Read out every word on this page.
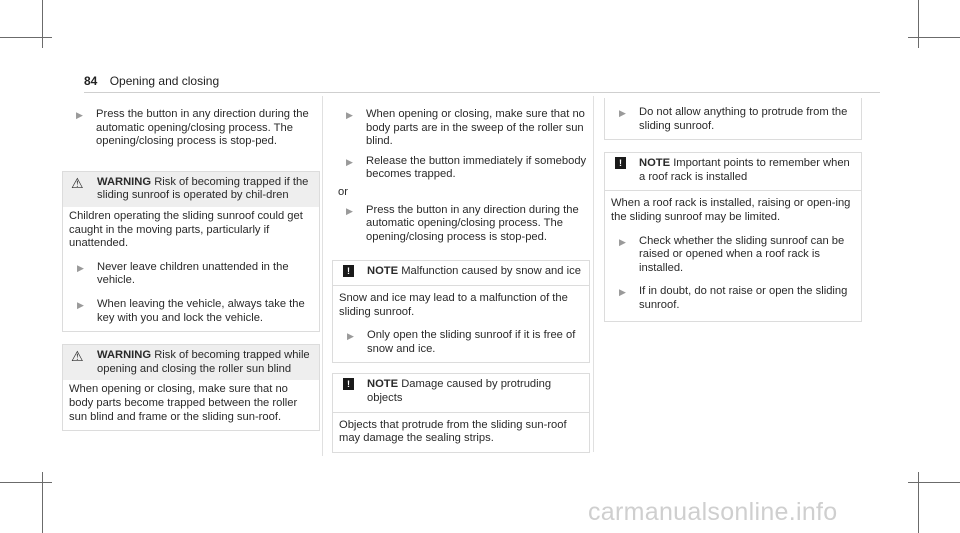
84 Opening and closing
▶ Press the button in any direction during the automatic opening/closing process. The opening/closing process is stop-ped.
⚠ WARNING Risk of becoming trapped if the sliding sunroof is operated by chil-dren
Children operating the sliding sunroof could get caught in the moving parts, particularly if unattended.
▶ Never leave children unattended in the vehicle.
▶ When leaving the vehicle, always take the key with you and lock the vehicle.
⚠ WARNING Risk of becoming trapped while opening and closing the roller sun blind
When opening or closing, make sure that no body parts become trapped between the roller sun blind and frame or the sliding sun-roof.
▶ When opening or closing, make sure that no body parts are in the sweep of the roller sun blind.
▶ Release the button immediately if somebody becomes trapped.
or
▶ Press the button in any direction during the automatic opening/closing process. The opening/closing process is stop-ped.
!	NOTE Malfunction caused by snow and ice
Snow and ice may lead to a malfunction of the sliding sunroof.
▶ Only open the sliding sunroof if it is free of snow and ice.
!	NOTE Damage caused by protruding objects
Objects that protrude from the sliding sun-roof may damage the sealing strips.
▶ Do not allow anything to protrude from the sliding sunroof.
!	NOTE Important points to remember when a roof rack is installed
When a roof rack is installed, raising or open-ing the sliding sunroof may be limited.
▶ Check whether the sliding sunroof can be raised or opened when a roof rack is installed.
▶ If in doubt, do not raise or open the sliding sunroof.
carmanualsonline.info
